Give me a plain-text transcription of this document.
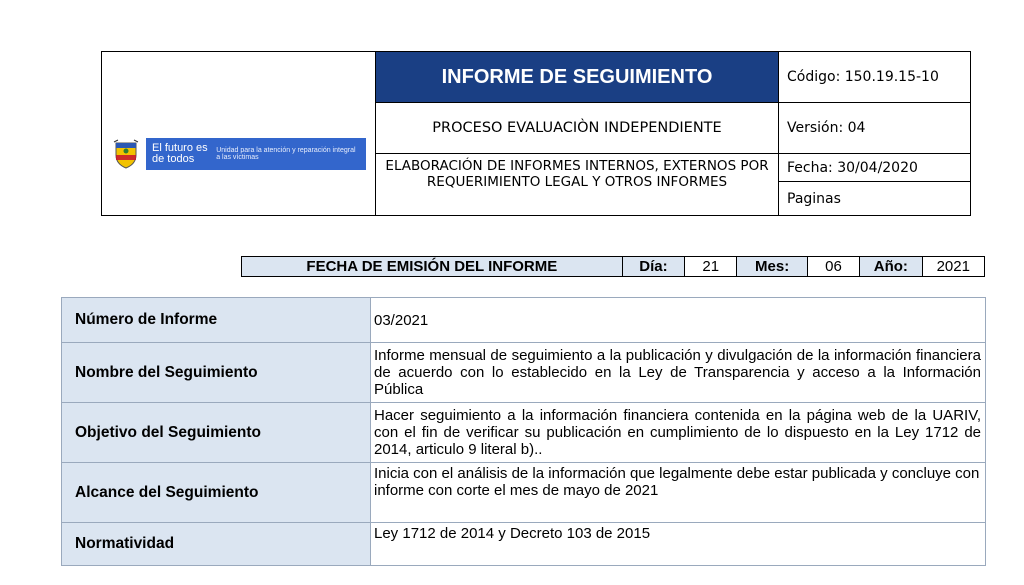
El futuro es de todos
Unidad para la atención y reparación integral a las víctimas	INFORME DE SEGUIMIENTO	Código: 150.19.15-10
	PROCESO EVALUACIÒN INDEPENDIENTE	Versión: 04
	ELABORACIÓN DE INFORMES INTERNOS, EXTERNOS POR REQUERIMIENTO LEGAL Y OTROS INFORMES	Fecha: 30/04/2020
		Paginas
FECHA DE EMISIÓN DEL INFORME	Día:	21	Mes:	06	Año:	2021
Número de Informe	03/2021
Nombre del Seguimiento	Informe mensual de seguimiento a la publicación y divulgación de la información financiera de acuerdo con lo establecido en la Ley de Transparencia y acceso a la Información Pública
Objetivo del Seguimiento	Hacer seguimiento a la información financiera contenida en la página web de la UARIV, con el fin de verificar su publicación en cumplimiento de lo dispuesto en la Ley 1712 de 2014, articulo 9 literal b)..
Alcance del Seguimiento	Inicia con el análisis de la información que legalmente debe estar publicada y concluye con informe con corte el mes de mayo de 2021
Normatividad	Ley 1712 de 2014 y Decreto 103 de 2015
